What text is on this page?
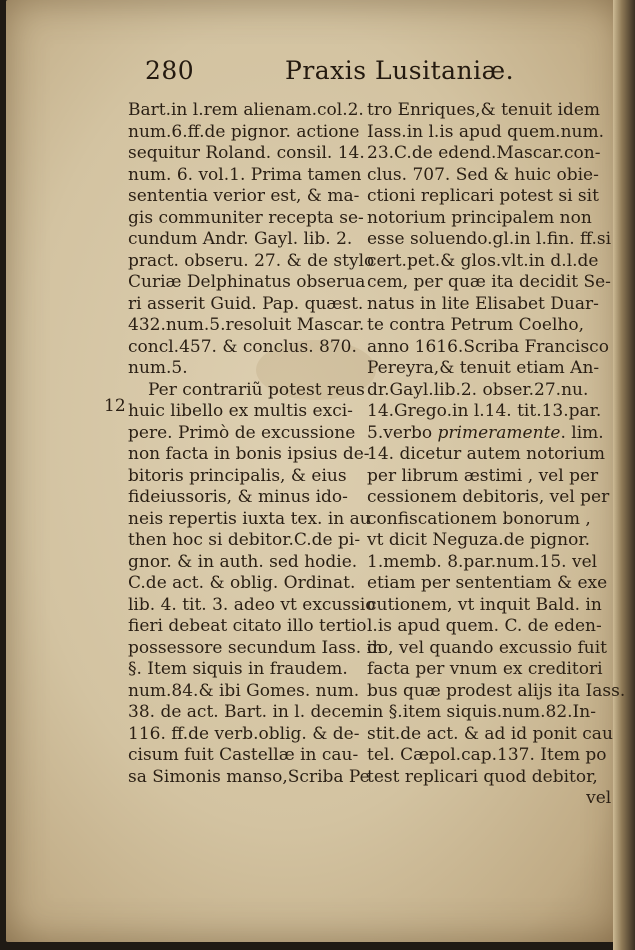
280	Praxis Lusitaniæ.
12
Bart.in l.rem alienam.col.2.
num.6.ff.de pignor. actione
sequitur Roland. consil. 14.
num. 6. vol.1. Prima tamen
sententia verior est, & ma-
gis communiter recepta se-
cundum Andr. Gayl. lib. 2.
pract. obseru. 27. & de stylo
Curiæ Delphinatus obserua
ri asserit Guid. Pap. quæst.
432.num.5.resoluit Mascar.
concl.457. & conclus. 870.
num.5.
Per contrariũ potest reus
huic libello ex multis exci-
pere. Primò de excussione
non facta in bonis ipsius de-
bitoris principalis, & eius
fideiussoris, & minus ido-
neis repertis iuxta tex. in au
then hoc si debitor.C.de pi-
gnor. & in auth. sed hodie.
C.de act. & oblig. Ordinat.
lib. 4. tit. 3. adeo vt excussio
fieri debeat citato illo tertio
possessore secundum Iass. in
§. Item siquis in fraudem.
num.84.& ibi Gomes. num.
38. de act. Bart. in l. decem.
116. ff.de verb.oblig. & de-
cisum fuit Castellæ in cau-
sa Simonis manso,Scriba Pe
tro Enriques,& tenuit idem
Iass.in l.is apud quem.num.
23.C.de edend.Mascar.con-
clus. 707. Sed & huic obie-
ctioni replicari potest si sit
notorium principalem non
esse soluendo.gl.in l.fin. ff.si
cert.pet.& glos.vlt.in d.l.de
cem, per quæ ita decidit Se-
natus in lite Elisabet Duar-
te contra Petrum Coelho,
anno 1616.Scriba Francisco
Pereyra,& tenuit etiam An-
dr.Gayl.lib.2. obser.27.nu.
14.Grego.in l.14. tit.13.par.
5.verbo primeramente. lim.
14. dicetur autem notorium
per librum æstimi , vel per
cessionem debitoris, vel per
confiscationem bonorum ,
vt dicit Neguza.de pignor.
1.memb. 8.par.num.15. vel
etiam per sententiam & exe
cutionem, vt inquit Bald. in
l.is apud quem. C. de eden-
do, vel quando excussio fuit
facta per vnum ex creditori
bus quæ prodest alijs ita Iass.
in §.item siquis.num.82.In-
stit.de act. & ad id ponit cau
tel. Cæpol.cap.137. Item po
test replicari quod debitor,
vel
